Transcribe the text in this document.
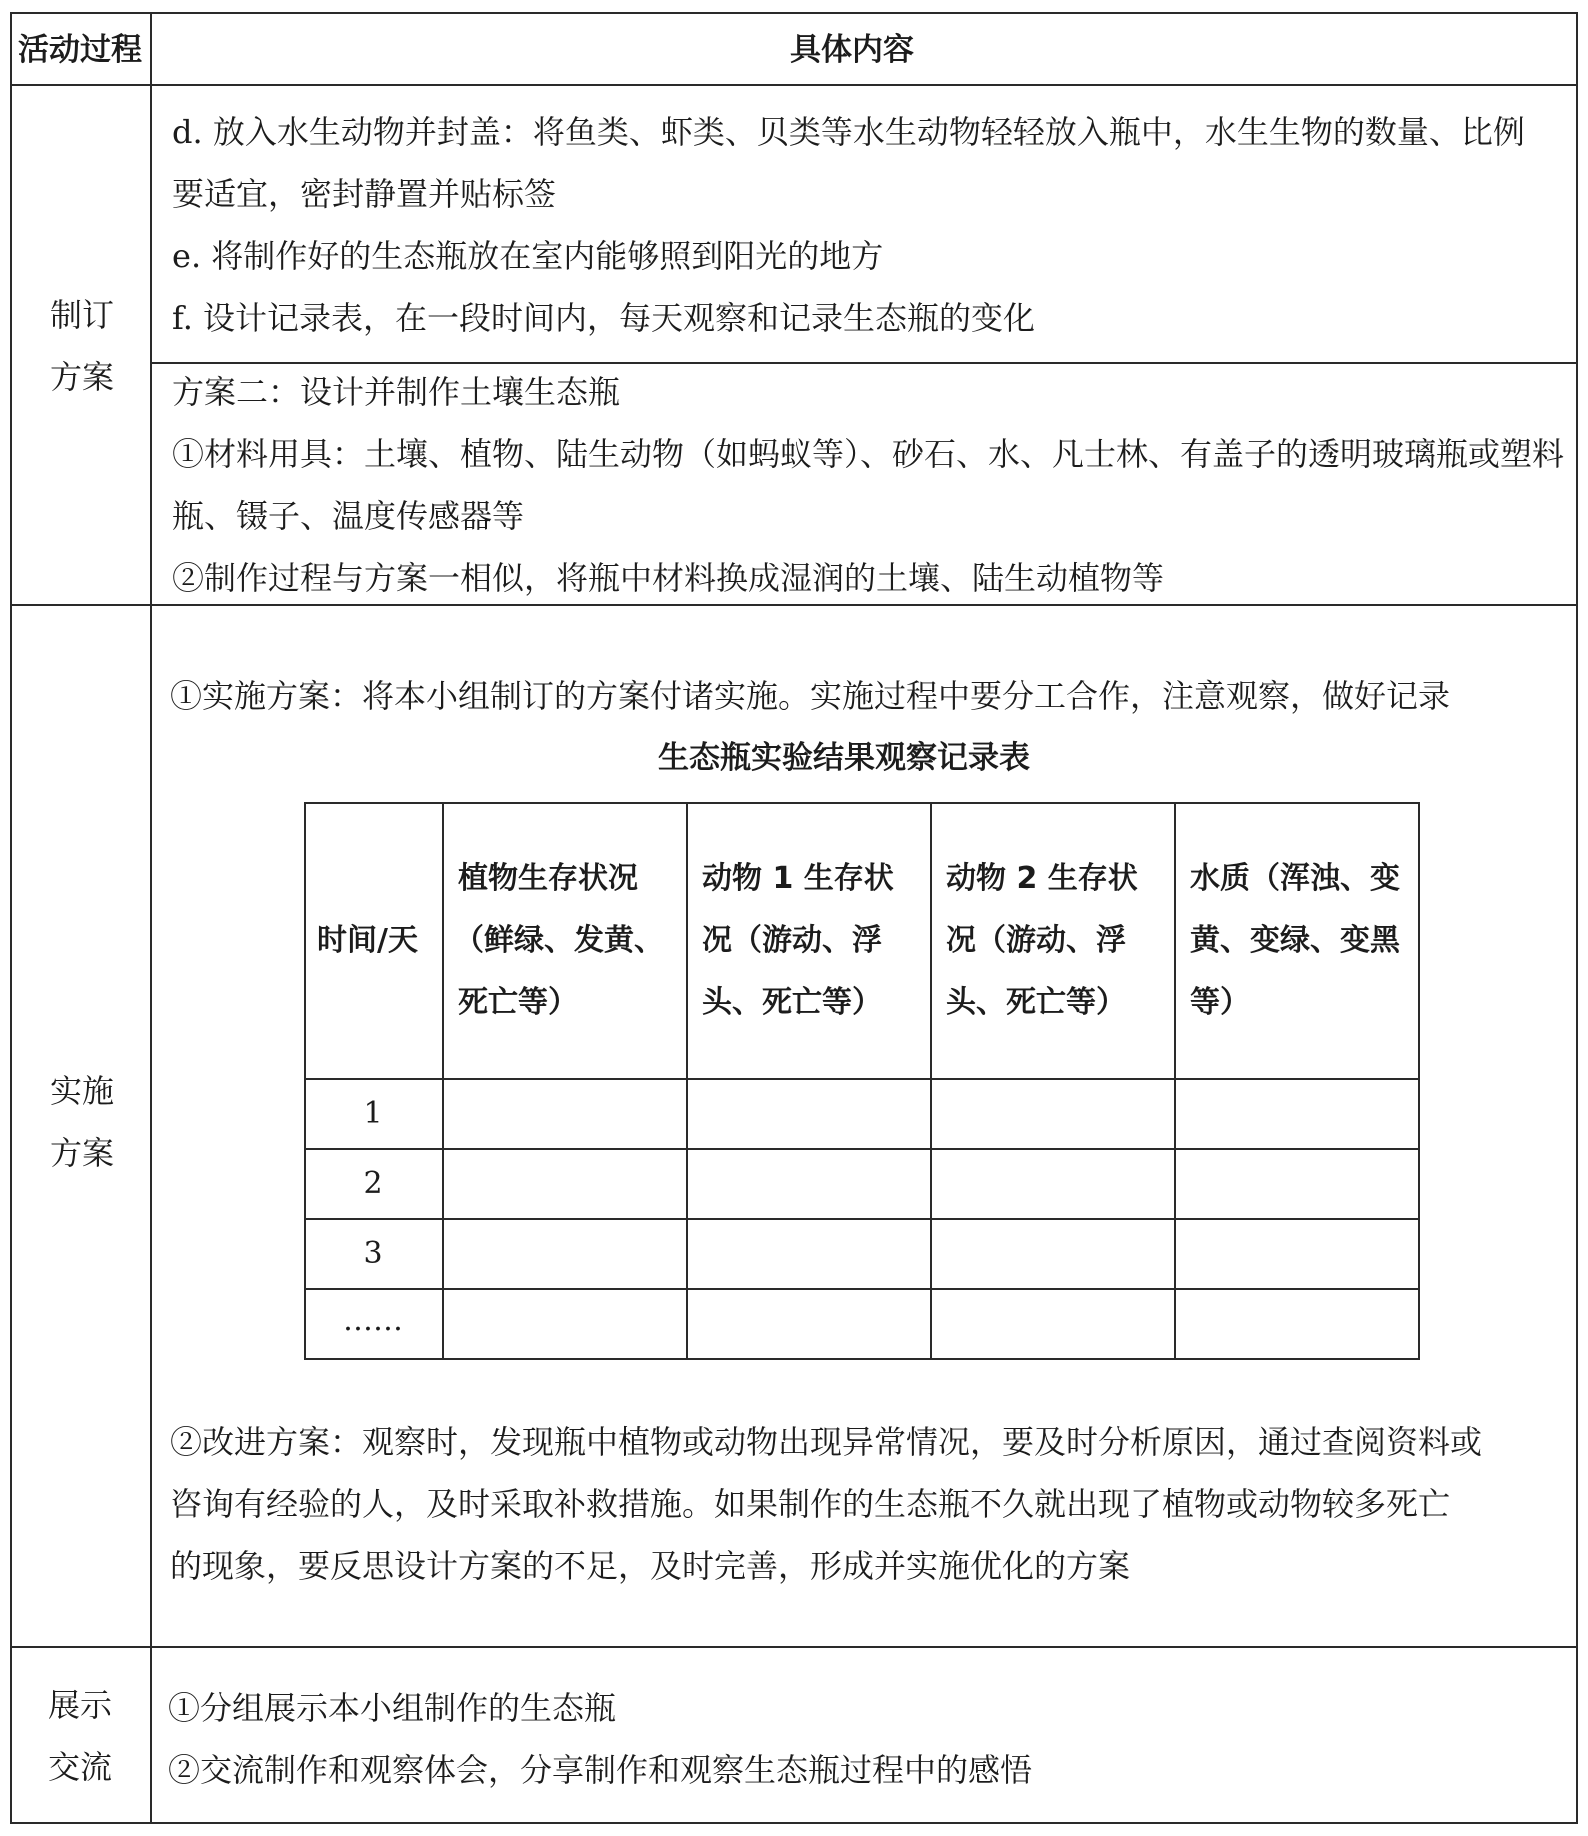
活动过程	具体内容
制订
方案
d. 放入水生动物并封盖：将鱼类、虾类、贝类等水生动物轻轻放入瓶中，水生生物的数量、比例
要适宜，密封静置并贴标签
e. 将制作好的生态瓶放在室内能够照到阳光的地方
f. 设计记录表，在一段时间内，每天观察和记录生态瓶的变化
方案二：设计并制作土壤生态瓶
①材料用具：土壤、植物、陆生动物（如蚂蚁等）、砂石、水、凡士林、有盖子的透明玻璃瓶或塑料
瓶、镊子、温度传感器等
②制作过程与方案一相似，将瓶中材料换成湿润的土壤、陆生动植物等
实施
方案
①实施方案：将本小组制订的方案付诸实施。实施过程中要分工合作，注意观察，做好记录
生态瓶实验结果观察记录表
时间/天
植物生存状况
（鲜绿、发黄、
死亡等）
动物 1 生存状
况（游动、浮
头、死亡等）
动物 2 生存状
况（游动、浮
头、死亡等）
水质（浑浊、变
黄、变绿、变黑
等）
1
2
3
……
②改进方案：观察时，发现瓶中植物或动物出现异常情况，要及时分析原因，通过查阅资料或
咨询有经验的人，及时采取补救措施。如果制作的生态瓶不久就出现了植物或动物较多死亡
的现象，要反思设计方案的不足，及时完善，形成并实施优化的方案
展示
交流
①分组展示本小组制作的生态瓶
②交流制作和观察体会，分享制作和观察生态瓶过程中的感悟
